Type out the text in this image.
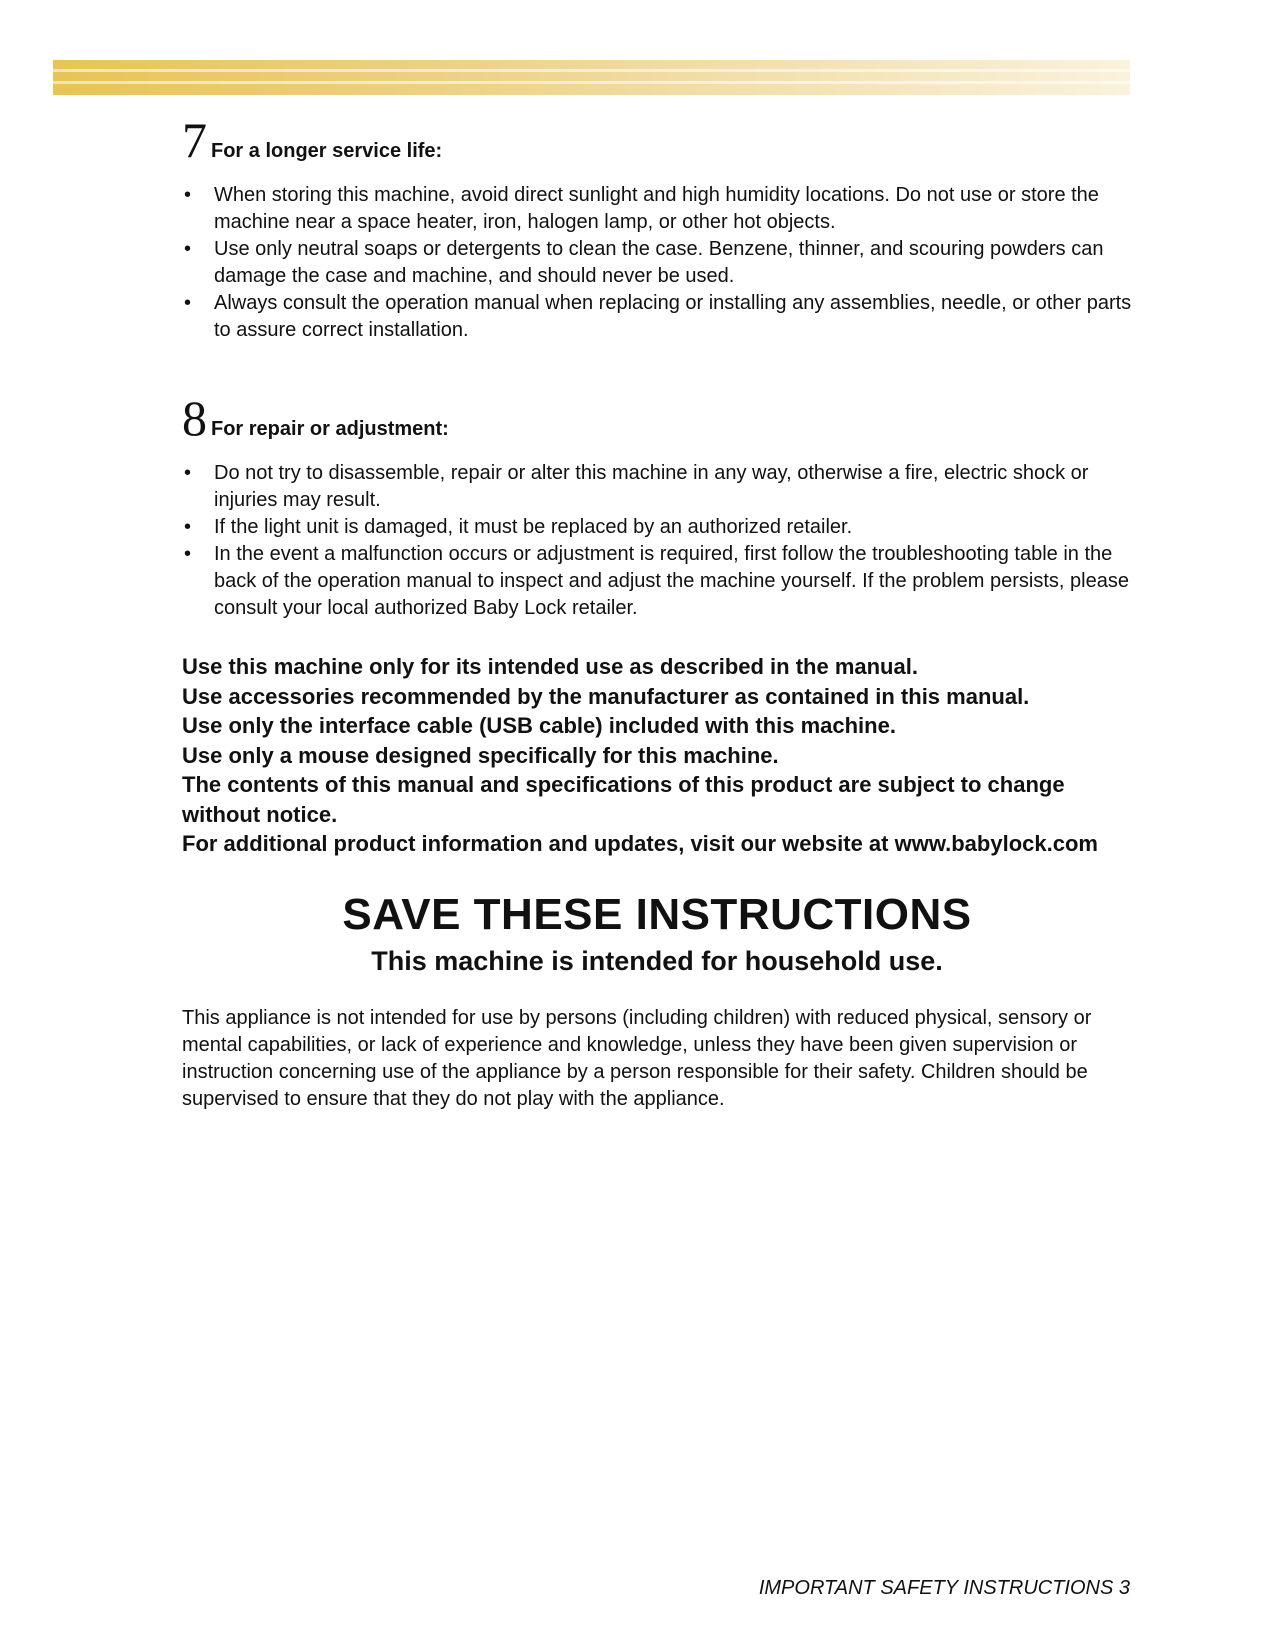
7 For a longer service life:
• When storing this machine, avoid direct sunlight and high humidity locations. Do not use or store the machine near a space heater, iron, halogen lamp, or other hot objects.
• Use only neutral soaps or detergents to clean the case. Benzene, thinner, and scouring powders can damage the case and machine, and should never be used.
• Always consult the operation manual when replacing or installing any assemblies, needle, or other parts to assure correct installation.
8 For repair or adjustment:
• Do not try to disassemble, repair or alter this machine in any way, otherwise a fire, electric shock or injuries may result.
• If the light unit is damaged, it must be replaced by an authorized retailer.
• In the event a malfunction occurs or adjustment is required, first follow the troubleshooting table in the back of the operation manual to inspect and adjust the machine yourself. If the problem persists, please consult your local authorized Baby Lock retailer.

Use this machine only for its intended use as described in the manual.

Use accessories recommended by the manufacturer as contained in this manual.

Use only the interface cable (USB cable) included with this machine.

Use only a mouse designed specifically for this machine.

The contents of this manual and specifications of this product are subject to change without notice.

For additional product information and updates, visit our website at www.babylock.com

SAVE THESE INSTRUCTIONS
This machine is intended for household use.

This appliance is not intended for use by persons (including children) with reduced physical, sensory or mental capabilities, or lack of experience and knowledge, unless they have been given supervision or instruction concerning use of the appliance by a person responsible for their safety. Children should be supervised to ensure that they do not play with the appliance.

IMPORTANT SAFETY INSTRUCTIONS 3
